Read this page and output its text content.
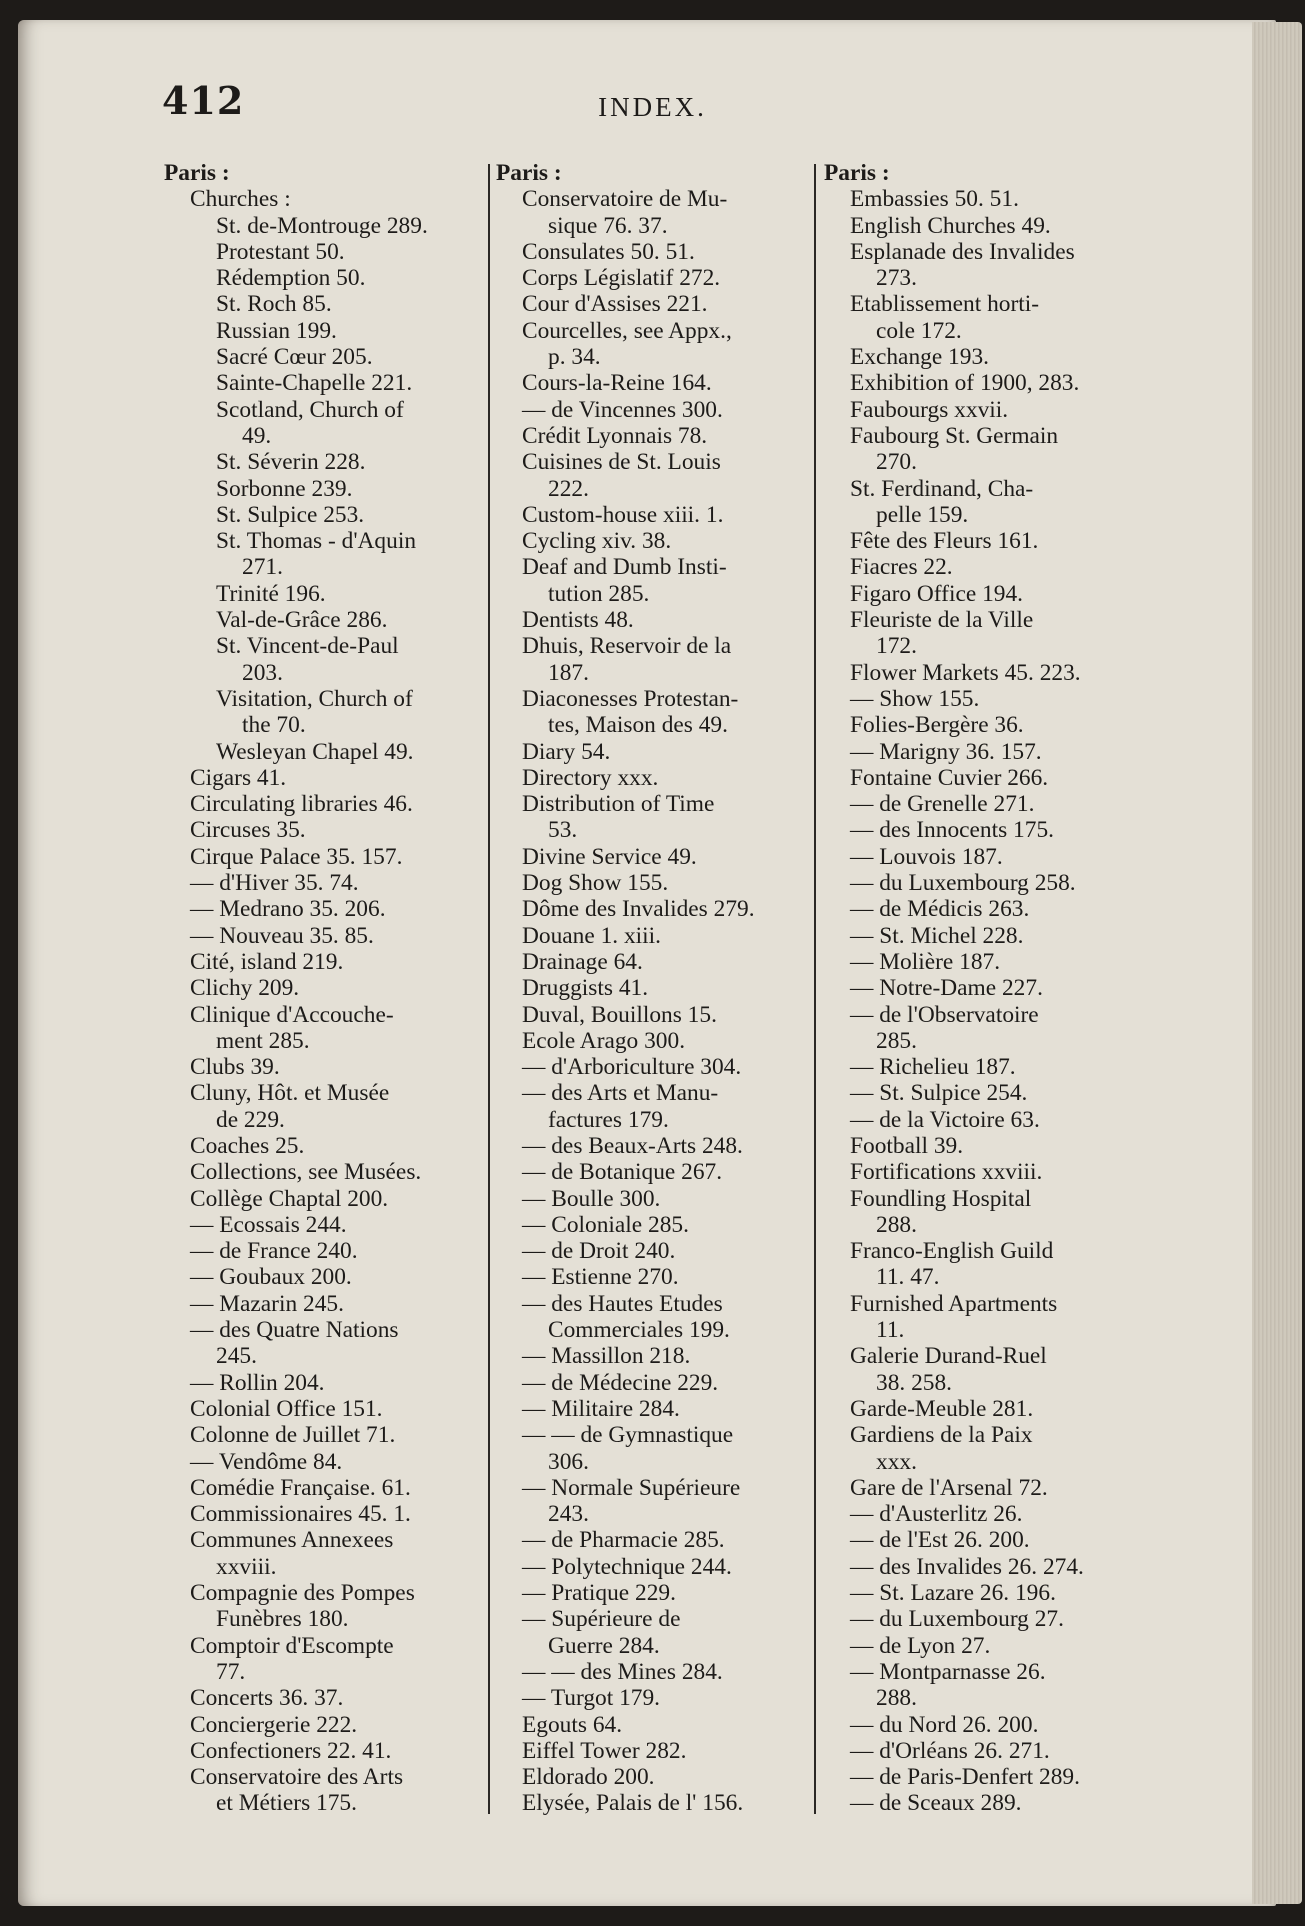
412	INDEX.
Paris :
Churches :
St. de-Montrouge 289.
Protestant 50.
Rédemption 50.
St. Roch 85.
Russian 199.
Sacré Cœur 205.
Sainte-Chapelle 221.
Scotland, Church of
49.
St. Séverin 228.
Sorbonne 239.
St. Sulpice 253.
St. Thomas - d'Aquin
271.
Trinité 196.
Val-de-Grâce 286.
St. Vincent-de-Paul
203.
Visitation, Church of
the 70.
Wesleyan Chapel 49.
Cigars 41.
Circulating libraries 46.
Circuses 35.
Cirque Palace 35. 157.
— d'Hiver 35. 74.
— Medrano 35. 206.
— Nouveau 35. 85.
Cité, island 219.
Clichy 209.
Clinique d'Accouche-
ment 285.
Clubs 39.
Cluny, Hôt. et Musée
de 229.
Coaches 25.
Collections, see Musées.
Collège Chaptal 200.
— Ecossais 244.
— de France 240.
— Goubaux 200.
— Mazarin 245.
— des Quatre Nations
245.
— Rollin 204.
Colonial Office 151.
Colonne de Juillet 71.
— Vendôme 84.
Comédie Française. 61.
Commissionaires 45. 1.
Communes Annexees
xxviii.
Compagnie des Pompes
Funèbres 180.
Comptoir d'Escompte
77.
Concerts 36. 37.
Conciergerie 222.
Confectioners 22. 41.
Conservatoire des Arts
et Métiers 175.
Paris :
Conservatoire de Mu-
sique 76. 37.
Consulates 50. 51.
Corps Législatif 272.
Cour d'Assises 221.
Courcelles, see Appx.,
p. 34.
Cours-la-Reine 164.
— de Vincennes 300.
Crédit Lyonnais 78.
Cuisines de St. Louis
222.
Custom-house xiii. 1.
Cycling xiv. 38.
Deaf and Dumb Insti-
tution 285.
Dentists 48.
Dhuis, Reservoir de la
187.
Diaconesses Protestan-
tes, Maison des 49.
Diary 54.
Directory xxx.
Distribution of Time
53.
Divine Service 49.
Dog Show 155.
Dôme des Invalides 279.
Douane 1. xiii.
Drainage 64.
Druggists 41.
Duval, Bouillons 15.
Ecole Arago 300.
— d'Arboriculture 304.
— des Arts et Manu-
factures 179.
— des Beaux-Arts 248.
— de Botanique 267.
— Boulle 300.
— Coloniale 285.
— de Droit 240.
— Estienne 270.
— des Hautes Etudes
Commerciales 199.
— Massillon 218.
— de Médecine 229.
— Militaire 284.
— — de Gymnastique
306.
— Normale Supérieure
243.
— de Pharmacie 285.
— Polytechnique 244.
— Pratique 229.
— Supérieure de
Guerre 284.
— — des Mines 284.
— Turgot 179.
Egouts 64.
Eiffel Tower 282.
Eldorado 200.
Elysée, Palais de l' 156.
Paris :
Embassies 50. 51.
English Churches 49.
Esplanade des Invalides
273.
Etablissement horti-
cole 172.
Exchange 193.
Exhibition of 1900, 283.
Faubourgs xxvii.
Faubourg St. Germain
270.
St. Ferdinand, Cha-
pelle 159.
Fête des Fleurs 161.
Fiacres 22.
Figaro Office 194.
Fleuriste de la Ville
172.
Flower Markets 45. 223.
— Show 155.
Folies-Bergère 36.
— Marigny 36. 157.
Fontaine Cuvier 266.
— de Grenelle 271.
— des Innocents 175.
— Louvois 187.
— du Luxembourg 258.
— de Médicis 263.
— St. Michel 228.
— Molière 187.
— Notre-Dame 227.
— de l'Observatoire
285.
— Richelieu 187.
— St. Sulpice 254.
— de la Victoire 63.
Football 39.
Fortifications xxviii.
Foundling Hospital
288.
Franco-English Guild
11. 47.
Furnished Apartments
11.
Galerie Durand-Ruel
38. 258.
Garde-Meuble 281.
Gardiens de la Paix
xxx.
Gare de l'Arsenal 72.
— d'Austerlitz 26.
— de l'Est 26. 200.
— des Invalides 26. 274.
— St. Lazare 26. 196.
— du Luxembourg 27.
— de Lyon 27.
— Montparnasse 26.
288.
— du Nord 26. 200.
— d'Orléans 26. 271.
— de Paris-Denfert 289.
— de Sceaux 289.
